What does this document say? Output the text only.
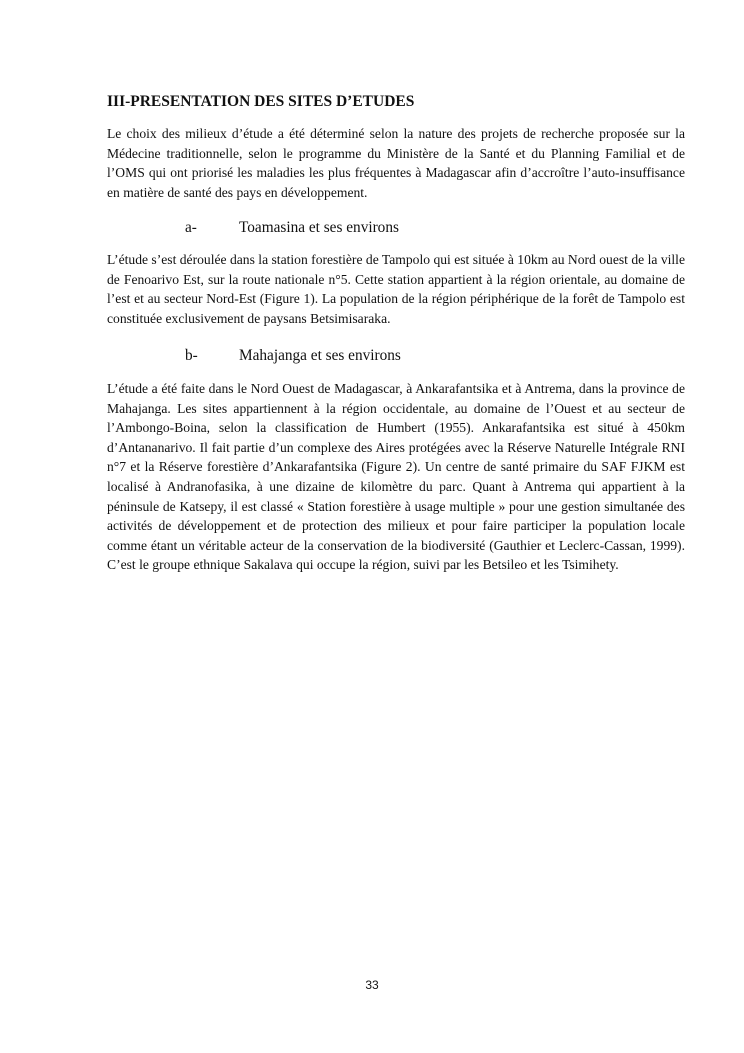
III-PRESENTATION DES SITES D’ETUDES

Le choix des milieux d’étude a été déterminé selon la nature des projets de recherche proposée sur la Médecine traditionnelle, selon le programme du Ministère de la Santé et du Planning Familial et de l’OMS qui ont priorisé les maladies les plus fréquentes à Madagascar afin d’accroître l’auto-insuffisance en matière de santé des pays en développement.

a-	Toamasina et ses environs

L’étude s’est déroulée dans la station forestière de Tampolo qui est située à 10km au Nord ouest de la ville de Fenoarivo Est, sur la route nationale n°5. Cette station appartient à la région orientale, au domaine de l’est et au secteur Nord-Est (Figure 1). La population de la région périphérique de la forêt de Tampolo est constituée exclusivement de paysans Betsimisaraka.

b-	Mahajanga et ses environs

L’étude a été faite dans le Nord Ouest de Madagascar, à Ankarafantsika et à Antrema, dans la province de Mahajanga. Les sites appartiennent à la région occidentale, au domaine de l’Ouest et au secteur de l’Ambongo-Boina, selon la classification de Humbert (1955). Ankarafantsika est situé à 450km d’Antananarivo. Il fait partie d’un complexe des Aires protégées avec la Réserve Naturelle Intégrale RNI n°7 et la Réserve forestière d’Ankarafantsika (Figure 2). Un centre de santé primaire du SAF FJKM est localisé à Andranofasika, à une dizaine de kilomètre du parc. Quant à Antrema qui appartient à la péninsule de Katsepy, il est classé « Station forestière à usage multiple » pour une gestion simultanée des activités de développement et de protection des milieux et pour faire participer la population locale comme étant un véritable acteur de la conservation de la biodiversité (Gauthier et Leclerc-Cassan, 1999). C’est le groupe ethnique Sakalava qui occupe la région, suivi par les Betsileo et les Tsimihety.

33
